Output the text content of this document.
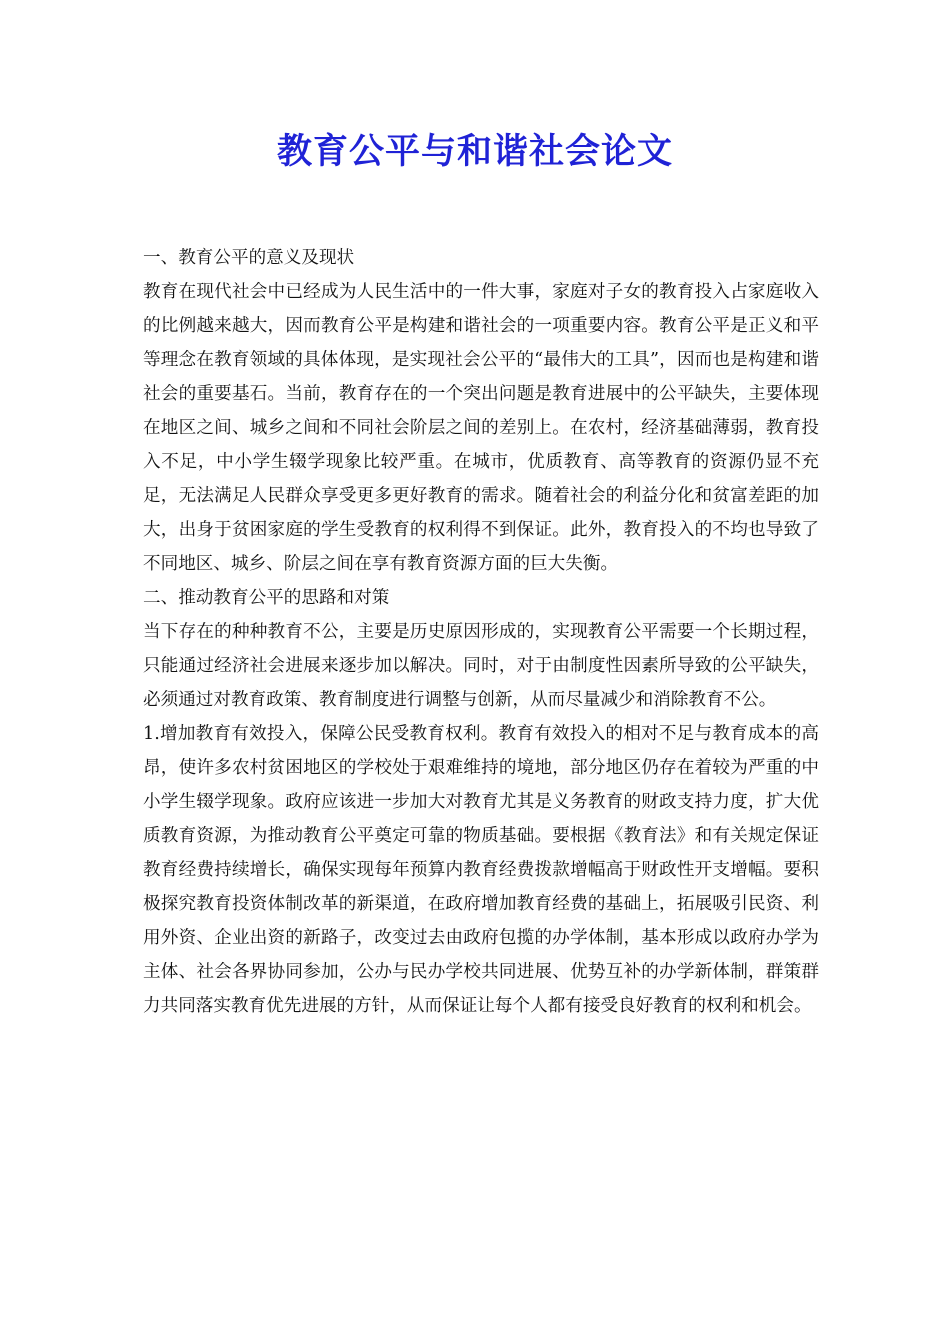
教育公平与和谐社会论文

一、教育公平的意义及现状

教育在现代社会中已经成为人民生活中的一件大事，家庭对子女的教育投入占家庭收入的比例越来越大，因而教育公平是构建和谐社会的一项重要内容。教育公平是正义和平等理念在教育领域的具体体现，是实现社会公平的“最伟大的工具”，因而也是构建和谐社会的重要基石。当前，教育存在的一个突出问题是教育进展中的公平缺失，主要体现在地区之间、城乡之间和不同社会阶层之间的差别上。在农村，经济基础薄弱，教育投入不足，中小学生辍学现象比较严重。在城市，优质教育、高等教育的资源仍显不充足，无法满足人民群众享受更多更好教育的需求。随着社会的利益分化和贫富差距的加大，出身于贫困家庭的学生受教育的权利得不到保证。此外，教育投入的不均也导致了不同地区、城乡、阶层之间在享有教育资源方面的巨大失衡。

二、推动教育公平的思路和对策

当下存在的种种教育不公，主要是历史原因形成的，实现教育公平需要一个长期过程，只能通过经济社会进展来逐步加以解决。同时，对于由制度性因素所导致的公平缺失，必须通过对教育政策、教育制度进行调整与创新，从而尽量减少和消除教育不公。

1.增加教育有效投入，保障公民受教育权利。教育有效投入的相对不足与教育成本的高昂，使许多农村贫困地区的学校处于艰难维持的境地，部分地区仍存在着较为严重的中小学生辍学现象。政府应该进一步加大对教育尤其是义务教育的财政支持力度，扩大优质教育资源，为推动教育公平奠定可靠的物质基础。要根据《教育法》和有关规定保证教育经费持续增长，确保实现每年预算内教育经费拨款增幅高于财政性开支增幅。要积极探究教育投资体制改革的新渠道，在政府增加教育经费的基础上，拓展吸引民资、利用外资、企业出资的新路子，改变过去由政府包揽的办学体制，基本形成以政府办学为主体、社会各界协同参加，公办与民办学校共同进展、优势互补的办学新体制，群策群力共同落实教育优先进展的方针，从而保证让每个人都有接受良好教育的权利和机会。
